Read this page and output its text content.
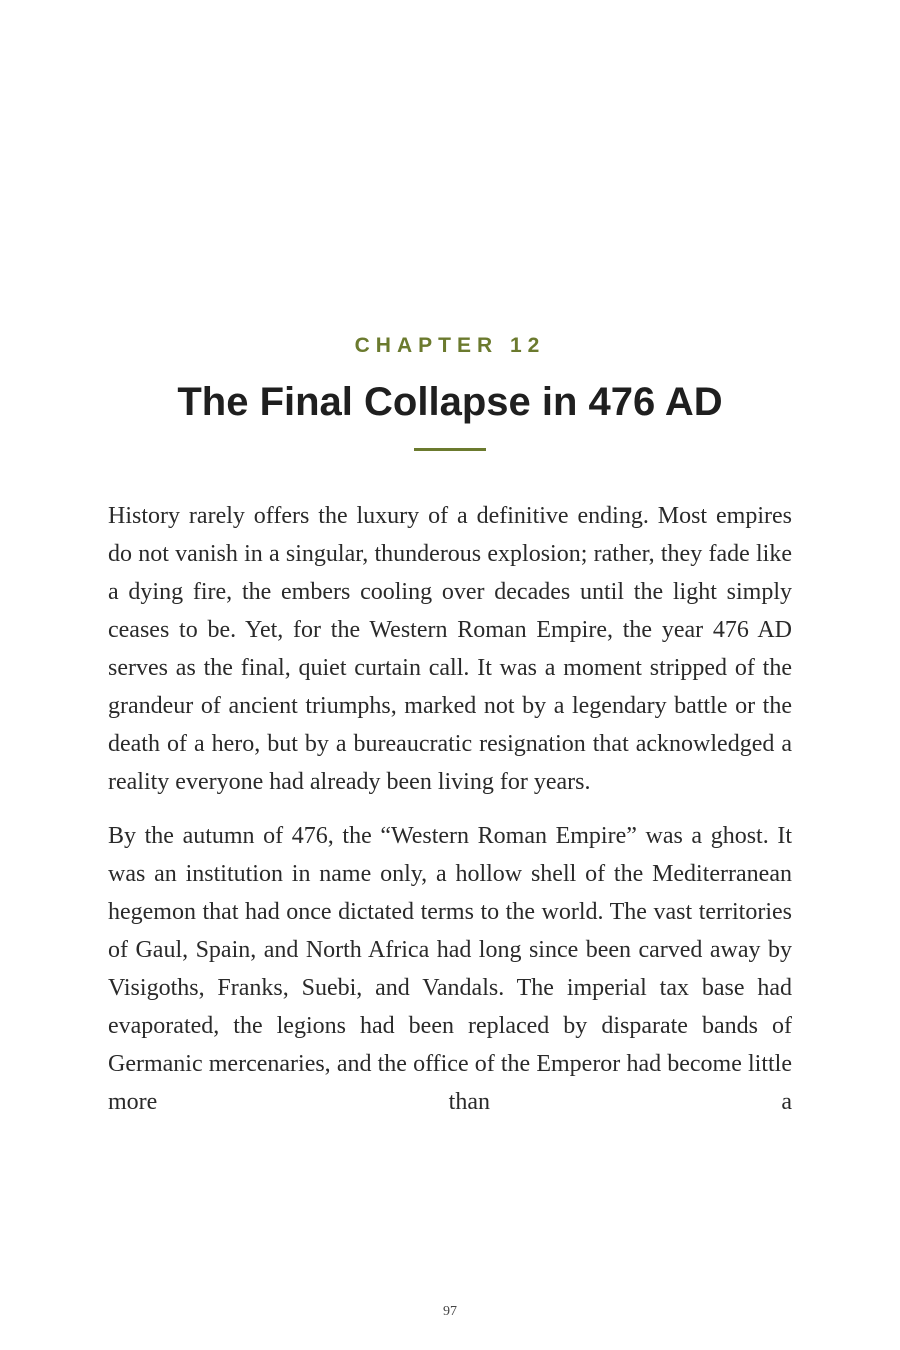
CHAPTER 12
The Final Collapse in 476 AD

History rarely offers the luxury of a definitive ending. Most empires do not vanish in a singular, thunderous explosion; rather, they fade like a dying fire, the embers cooling over decades until the light simply ceases to be. Yet, for the Western Roman Empire, the year 476 AD serves as the final, quiet curtain call. It was a moment stripped of the grandeur of ancient triumphs, marked not by a legendary battle or the death of a hero, but by a bureaucratic resignation that acknowledged a reality everyone had already been living for years.

By the autumn of 476, the “Western Roman Empire” was a ghost. It was an institution in name only, a hollow shell of the Mediterranean hegemon that had once dictated terms to the world. The vast territories of Gaul, Spain, and North Africa had long since been carved away by Visigoths, Franks, Suebi, and Vandals. The imperial tax base had evaporated, the legions had been replaced by disparate bands of Germanic mercenaries, and the office of the Emperor had become little more than a

97
